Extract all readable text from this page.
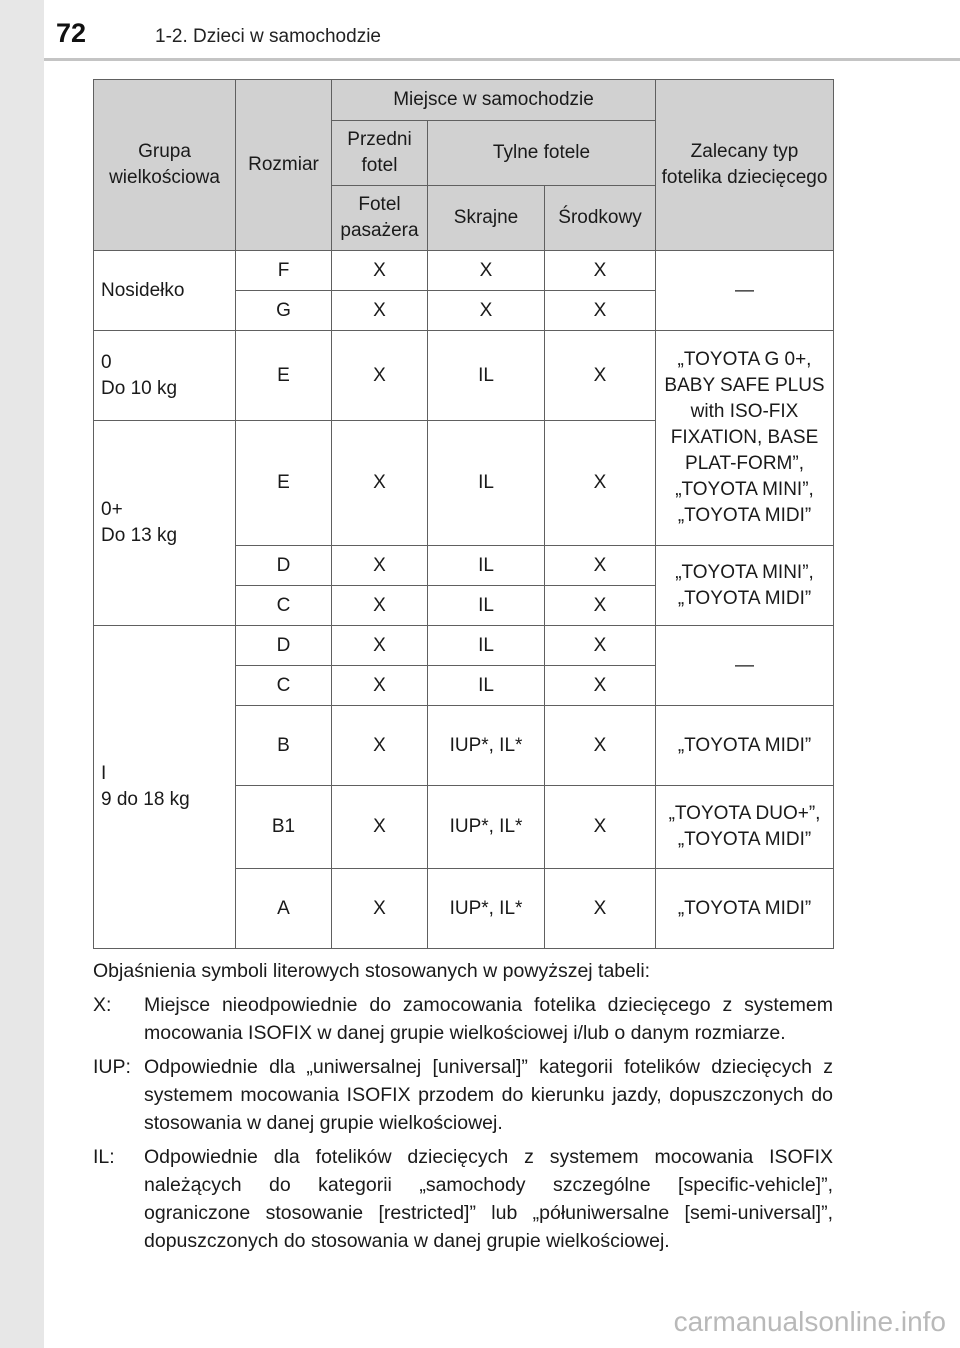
72	1-2. Dzieci w samochodzie
Grupa wielkościowa	Rozmiar	Miejsce w samochodzie			Zalecany typ fotelika dziecięcego
		Przedni fotel	Tylne fotele		
		Fotel pasażera	Skrajne	Środkowy	
Nosidełko	F	X	X	X	—
	G	X	X	X	

0
Do 10 kg	E	X	IL	X	„TOYOTA G 0+, BABY SAFE PLUS with ISO-FIX FIXATION, BASE PLAT-FORM”, „TOYOTA MINI”, „TOYOTA MIDI”

0+
Do 13 kg	E	X	IL	X	
	D	X	IL	X	„TOYOTA MINI”, „TOYOTA MIDI”
	C	X	IL	X	

I
9 do 18 kg	D	X	IL	X	—
	C	X	IL	X	
	B	X	IUP*, IL*	X	„TOYOTA MIDI”
	B1	X	IUP*, IL*	X	„TOYOTA DUO+”, „TOYOTA MIDI”
	A	X	IUP*, IL*	X	„TOYOTA MIDI”

Objaśnienia symboli literowych stosowanych w powyższej tabeli:

X:	Miejsce nieodpowiednie do zamocowania fotelika dziecięcego z systemem mocowania ISOFIX w danej grupie wielkościowej i/lub o danym rozmiarze.
IUP: Odpowiednie dla „uniwersalnej [universal]” kategorii fotelików dziecięcych z systemem mocowania ISOFIX przodem do kierunku jazdy, dopuszczonych do stosowania w danej grupie wielkościowej.
IL:	Odpowiednie dla fotelików dziecięcych z systemem mocowania ISOFIX należących do kategorii „samochody szczególne [specific-vehicle]”, ograniczone stosowanie [restricted]” lub „półuniwersalne [semi-universal]”, dopuszczonych do stosowania w danej grupie wielkościowej.
carmanualsonline.info
